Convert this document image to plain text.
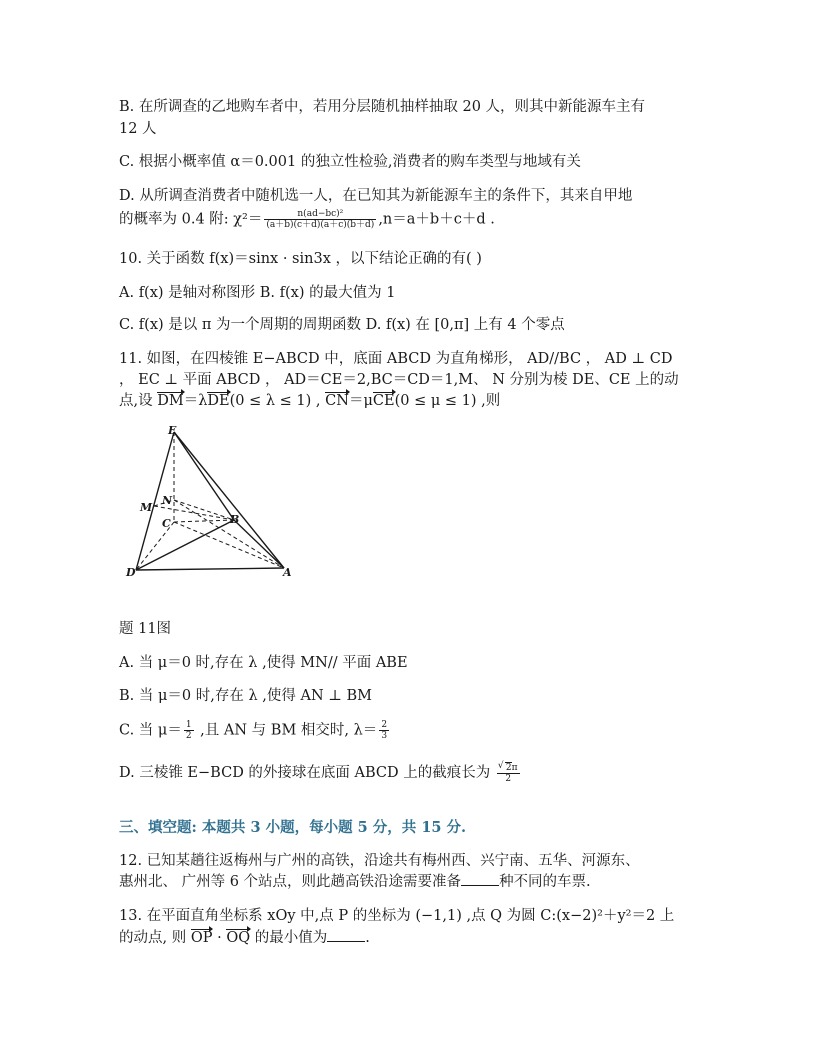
B. 在所调查的乙地购车者中，若用分层随机抽样抽取 20 人，则其中新能源车主有
12 人
C. 根据小概率值 α＝0.001 的独立性检验,消费者的购车类型与地域有关
D. 从所调查消费者中随机选一人，在已知其为新能源车主的条件下，其来自甲地
的概率为 0.4 附: $\chi^2= \frac{\text{n(ad−bc)²}}{(a+b)(c+d)(a+c)(b+d)} ,n=a+b+c+d$ .
10. 关于函数 f(x)＝sinx · sin3x ，以下结论正确的有( )
A. f(x) 是轴对称图形 B. f(x) 的最大值为 1
C. f(x) 是以 π 为一个周期的周期函数 D. f(x) 在 [0,π] 上有 4 个零点
11. 如图，在四棱锥 E−ABCD 中，底面 ABCD 为直角梯形， AD//BC ， AD ⊥ CD
， EC ⊥ 平面 ABCD ， AD＝CE＝2,BC＝CD＝1,M、 N 分别为棱 DE、CE 上的动
点,设 DM＝λDE(0 ≤ λ ≤ 1) , CN＝μCE(0 ≤ μ ≤ 1) ,则
E
N
M
C	B
D	A
题 11图
A. 当 μ＝0 时,存在 λ ,使得 MN// 平面 ABE
B. 当 μ＝0 时,存在 λ ,使得 AN ⊥ BM
C. 当 $\mu= \frac{1}{2}$ ,且 AN 与 BM 相交时, $\lambda= \frac{2}{3}$
D. 三棱锥 E−BCD 的外接球在底面 ABCD 上的截痕长为
√ $\frac{2\pi}{2}$
三、填空题: 本题共 3 小题，每小题 5 分，共 15 分.
12. 已知某趟往返梅州与广州的高铁，沿途共有梅州西、兴宁南、五华、河源东、
惠州北、 广州等 6 个站点，则此趟高铁沿途需要准备	种不同的车票.
13. 在平面直角坐标系 xOy 中,点 P 的坐标为 (−1,1) ,点 Q 为圆 C:(x−2)²＋y²＝2 上
的动点, 则 OP · OQ 的最小值为	.
